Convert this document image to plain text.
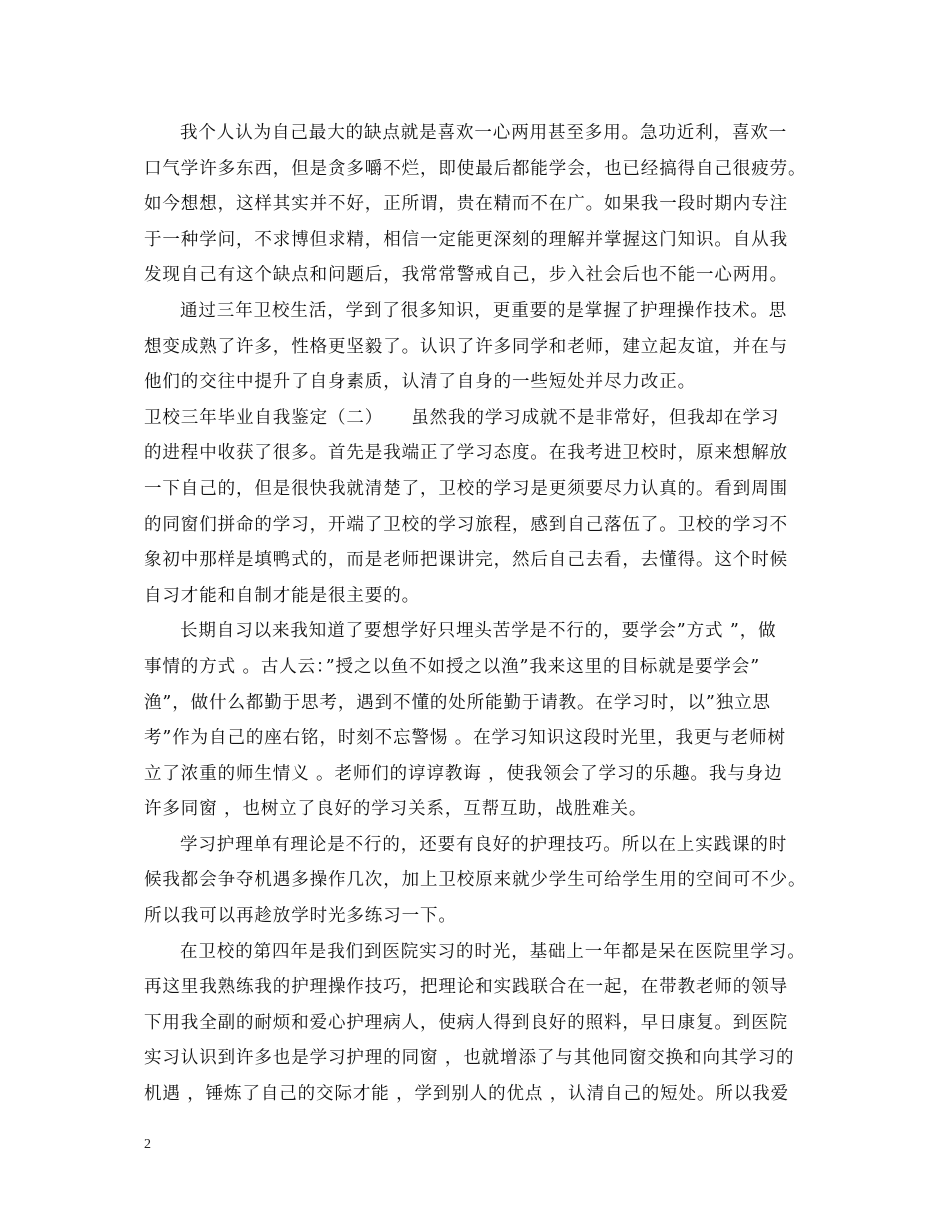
我个人认为自己最大的缺点就是喜欢一心两用甚至多用。急功近利，喜欢一
口气学许多东西，但是贪多嚼不烂，即使最后都能学会，也已经搞得自己很疲劳。
如今想想，这样其实并不好，正所谓，贵在精而不在广。如果我一段时期内专注
于一种学问，不求博但求精，相信一定能更深刻的理解并掌握这门知识。自从我
发现自己有这个缺点和问题后，我常常警戒自己，步入社会后也不能一心两用。
通过三年卫校生活，学到了很多知识，更重要的是掌握了护理操作技术。思
想变成熟了许多，性格更坚毅了。认识了许多同学和老师，建立起友谊，并在与
他们的交往中提升了自身素质，认清了自身的一些短处并尽力改正。
卫校三年毕业自我鉴定（二）　　虽然我的学习成就不是非常好，但我却在学习
的进程中收获了很多。首先是我端正了学习态度。在我考进卫校时，原来想解放
一下自己的，但是很快我就清楚了，卫校的学习是更须要尽力认真的。看到周围
的同窗们拼命的学习，开端了卫校的学习旅程，感到自己落伍了。卫校的学习不
象初中那样是填鸭式的，而是老师把课讲完，然后自己去看，去懂得。这个时候
自习才能和自制才能是很主要的。
长期自习以来我知道了要想学好只埋头苦学是不行的，要学会”方式 ”，做
事情的方式 。古人云：”授之以鱼不如授之以渔”我来这里的目标就是要学会”
渔”，做什么都勤于思考，遇到不懂的处所能勤于请教。在学习时，以”独立思
考”作为自己的座右铭，时刻不忘警惕 。在学习知识这段时光里，我更与老师树
立了浓重的师生情义 。老师们的谆谆教诲 ，使我领会了学习的乐趣。我与身边
许多同窗 ，也树立了良好的学习关系，互帮互助，战胜难关。
学习护理单有理论是不行的，还要有良好的护理技巧。所以在上实践课的时
候我都会争夺机遇多操作几次，加上卫校原来就少学生可给学生用的空间可不少。
所以我可以再趁放学时光多练习一下。
在卫校的第四年是我们到医院实习的时光，基础上一年都是呆在医院里学习。
再这里我熟练我的护理操作技巧，把理论和实践联合在一起，在带教老师的领导
下用我全副的耐烦和爱心护理病人，使病人得到良好的照料，早日康复。到医院
实习认识到许多也是学习护理的同窗 ，也就增添了与其他同窗交换和向其学习的
机遇 ，锤炼了自己的交际才能 ，学到别人的优点 ，认清自己的短处。所以我爱
2
